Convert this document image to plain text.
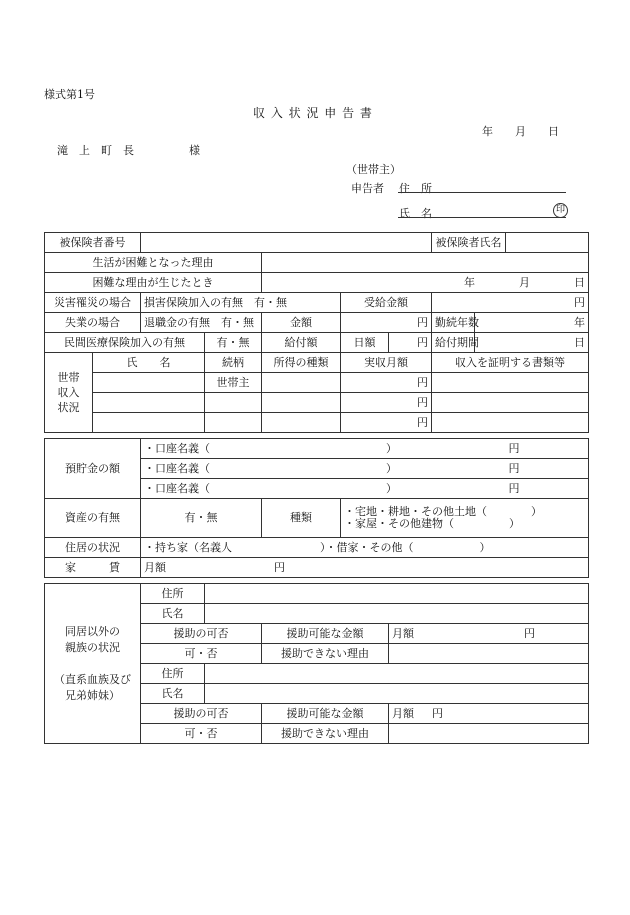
様式第1号
収 入 状 況 申 告 書
年　　月　　日
滝　上　町　長　　　　　様
（世帯主）
申告者 住　所
氏　名	印
被保険者番号							被保険者氏名		
生活が困難となった理由									
困難な理由が生じたとき				年　　　　月　　　　日					
災害罹災の場合		損害保険加入の有無　有・無			受給金額		円		
失業の場合		退職金の有無　有・無		金額	円		勤続年数	年	
民間医療保険加入の有無			有・無	給付額	日額	円	給付期間	日	
世帯
収入
状況	氏　　名		続柄	所得の種類	実収月額		収入を証明する書類等		
			世帯主		円				
					円				
					円				

預貯金の額		・口座名義（　　　　　　　　　　　　　　　　）							円
		・口座名義（　　　　　　　　　　　　　　　　）							円
		・口座名義（　　　　　　　　　　　　　　　　）							円
資産の有無		有・無		種類	・宅地・耕地・その他土地（　　　　）
・家屋・その他建物（　　　　　）				
住居の状況		・持ち家（名義人　　　　　　　　）・借家・その他（　　　　　　）							
家　　　賃		月額 円							

同居以外の
親族の状況

（直系血族及び
兄弟姉妹）		住所							
		氏名							
		援助の可否		援助可能な金額		月額 円			
		可・否		援助できない理由					
		住所							
		氏名							
		援助の可否		援助可能な金額		月額 円			
		可・否		援助できない理由					
